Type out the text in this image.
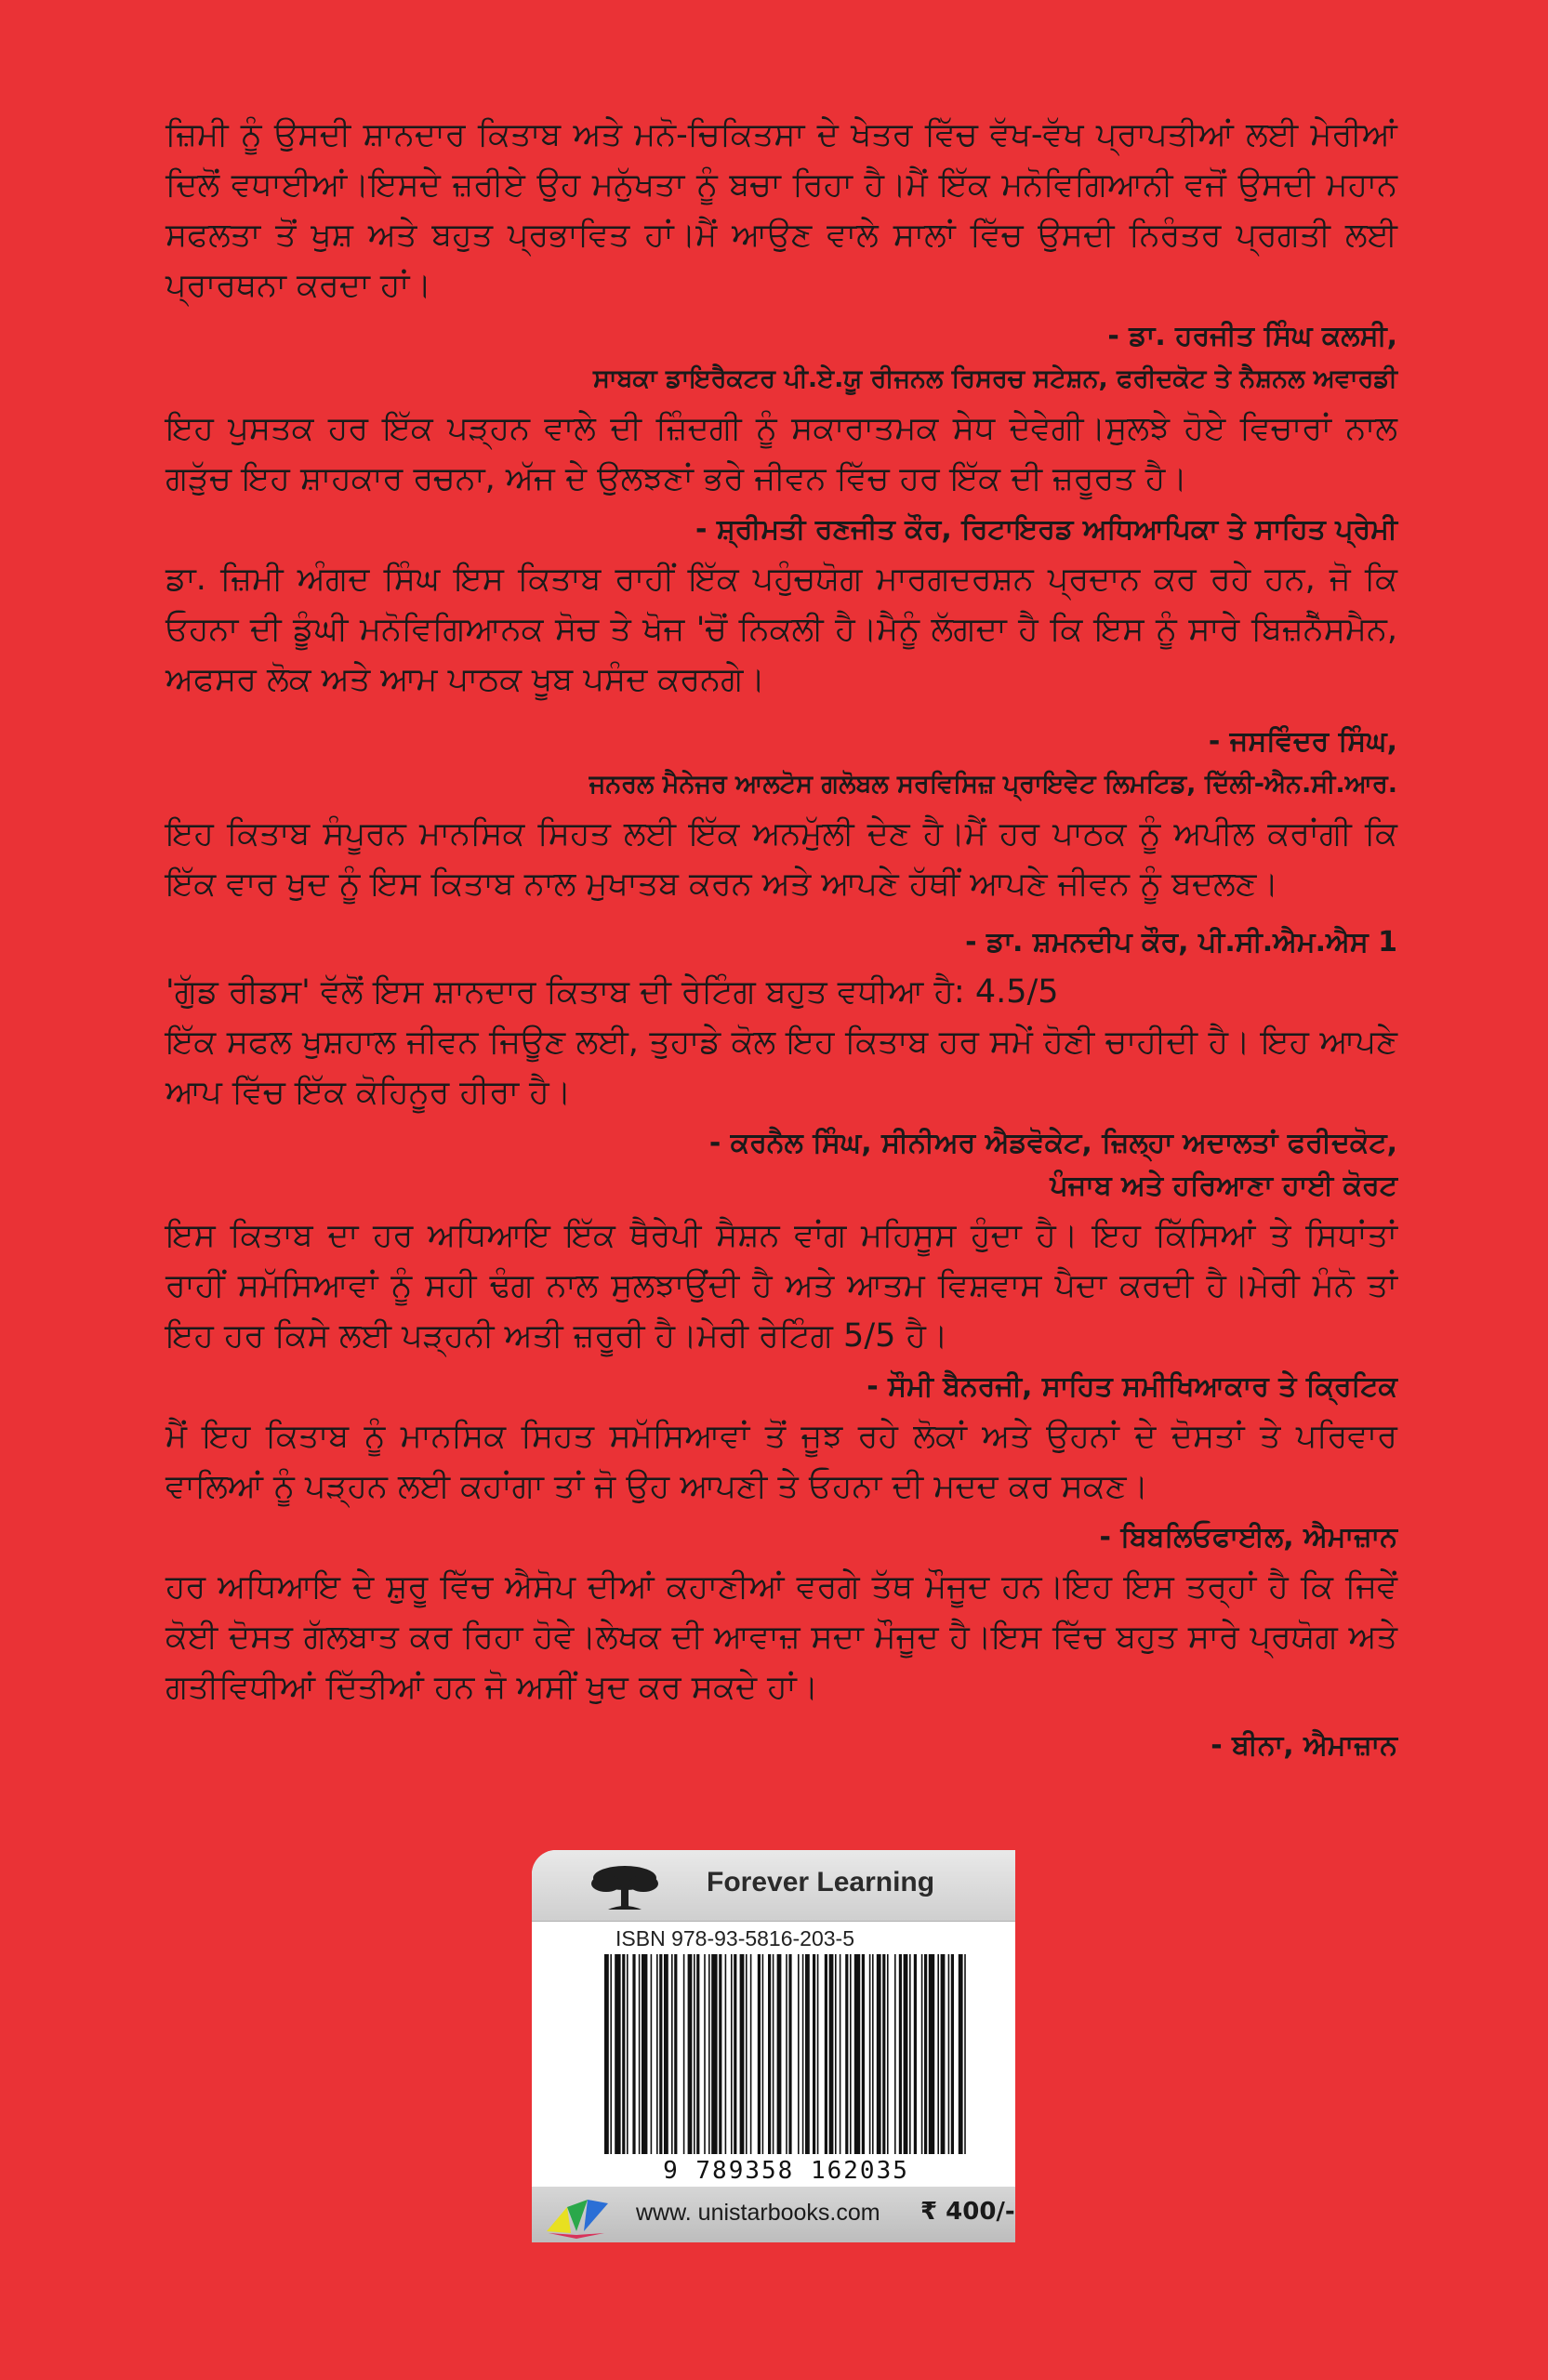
ਜ਼ਿਮੀ ਨੂੰ ਉਸਦੀ ਸ਼ਾਨਦਾਰ ਕਿਤਾਬ ਅਤੇ ਮਨੋ-ਚਿਕਿਤਸਾ ਦੇ ਖੇਤਰ ਵਿੱਚ ਵੱਖ-ਵੱਖ ਪ੍ਰਾਪਤੀਆਂ ਲਈ ਮੇਰੀਆਂ ਦਿਲੋਂ ਵਧਾਈਆਂ।ਇਸਦੇ ਜ਼ਰੀਏ ਉਹ ਮਨੁੱਖਤਾ ਨੂੰ ਬਚਾ ਰਿਹਾ ਹੈ।ਮੈਂ ਇੱਕ ਮਨੋਵਿਗਿਆਨੀ ਵਜੋਂ ਉਸਦੀ ਮਹਾਨ ਸਫਲਤਾ ਤੋਂ ਖੁਸ਼ ਅਤੇ ਬਹੁਤ ਪ੍ਰਭਾਵਿਤ ਹਾਂ।ਮੈਂ ਆਉਣ ਵਾਲੇ ਸਾਲਾਂ ਵਿੱਚ ਉਸਦੀ ਨਿਰੰਤਰ ਪ੍ਰਗਤੀ ਲਈ ਪ੍ਰਾਰਥਨਾ ਕਰਦਾ ਹਾਂ।

- ਡਾ. ਹਰਜੀਤ ਸਿੰਘ ਕਲਸੀ,
ਸਾਬਕਾ ਡਾਇਰੈਕਟਰ ਪੀ.ਏ.ਯੂ ਰੀਜਨਲ ਰਿਸਰਚ ਸਟੇਸ਼ਨ, ਫਰੀਦਕੋਟ ਤੇ ਨੈਸ਼ਨਲ ਅਵਾਰਡੀ

ਇਹ ਪੁਸਤਕ ਹਰ ਇੱਕ ਪੜ੍ਹਨ ਵਾਲੇ ਦੀ ਜ਼ਿੰਦਗੀ ਨੂੰ ਸਕਾਰਾਤਮਕ ਸੇਧ ਦੇਵੇਗੀ।ਸੁਲਝੇ ਹੋਏ ਵਿਚਾਰਾਂ ਨਾਲ ਗੜੁੱਚ ਇਹ ਸ਼ਾਹਕਾਰ ਰਚਨਾ, ਅੱਜ ਦੇ ਉਲਝਣਾਂ ਭਰੇ ਜੀਵਨ ਵਿੱਚ ਹਰ ਇੱਕ ਦੀ ਜ਼ਰੂਰਤ ਹੈ।

- ਸ਼੍ਰੀਮਤੀ ਰਣਜੀਤ ਕੌਰ, ਰਿਟਾਇਰਡ ਅਧਿਆਪਿਕਾ ਤੇ ਸਾਹਿਤ ਪ੍ਰੇਮੀ

ਡਾ. ਜ਼ਿਮੀ ਅੰਗਦ ਸਿੰਘ ਇਸ ਕਿਤਾਬ ਰਾਹੀਂ ਇੱਕ ਪਹੁੰਚਯੋਗ ਮਾਰਗਦਰਸ਼ਨ ਪ੍ਰਦਾਨ ਕਰ ਰਹੇ ਹਨ, ਜੋ ਕਿ ਓਹਨਾ ਦੀ ਡੂੰਘੀ ਮਨੋਵਿਗਿਆਨਕ ਸੋਚ ਤੇ ਖੋਜ 'ਚੋਂ ਨਿਕਲੀ ਹੈ।ਮੈਨੂੰ ਲੱਗਦਾ ਹੈ ਕਿ ਇਸ ਨੂੰ ਸਾਰੇ ਬਿਜ਼ਨੈੱਸਮੈਨ, ਅਫਸਰ ਲੋਕ ਅਤੇ ਆਮ ਪਾਠਕ ਖੂਬ ਪਸੰਦ ਕਰਨਗੇ।

- ਜਸਵਿੰਦਰ ਸਿੰਘ,
ਜਨਰਲ ਮੈਨੇਜਰ ਆਲਟੋਸ ਗਲੋਬਲ ਸਰਵਿਸਿਜ਼ ਪ੍ਰਾਇਵੇਟ ਲਿਮਟਿਡ, ਦਿੱਲੀ-ਐਨ.ਸੀ.ਆਰ.

ਇਹ ਕਿਤਾਬ ਸੰਪੂਰਨ ਮਾਨਸਿਕ ਸਿਹਤ ਲਈ ਇੱਕ ਅਨਮੁੱਲੀ ਦੇਣ ਹੈ।ਮੈਂ ਹਰ ਪਾਠਕ ਨੂੰ ਅਪੀਲ ਕਰਾਂਗੀ ਕਿ ਇੱਕ ਵਾਰ ਖੁਦ ਨੂੰ ਇਸ ਕਿਤਾਬ ਨਾਲ ਮੁਖਾਤਬ ਕਰਨ ਅਤੇ ਆਪਣੇ ਹੱਥੀਂ ਆਪਣੇ ਜੀਵਨ ਨੂੰ ਬਦਲਣ।

- ਡਾ. ਸ਼ਮਨਦੀਪ ਕੌਰ, ਪੀ.ਸੀ.ਐਮ.ਐਸ 1

'ਗੁੱਡ ਰੀਡਸ' ਵੱਲੋਂ ਇਸ ਸ਼ਾਨਦਾਰ ਕਿਤਾਬ ਦੀ ਰੇਟਿੰਗ ਬਹੁਤ ਵਧੀਆ ਹੈ: 4.5/5

ਇੱਕ ਸਫਲ ਖੁਸ਼ਹਾਲ ਜੀਵਨ ਜਿਊਣ ਲਈ, ਤੁਹਾਡੇ ਕੋਲ ਇਹ ਕਿਤਾਬ ਹਰ ਸਮੇਂ ਹੋਣੀ ਚਾਹੀਦੀ ਹੈ। ਇਹ ਆਪਣੇ ਆਪ ਵਿੱਚ ਇੱਕ ਕੋਹਿਨੂਰ ਹੀਰਾ ਹੈ।

- ਕਰਨੈਲ ਸਿੰਘ, ਸੀਨੀਅਰ ਐਡਵੋਕੇਟ, ਜ਼ਿਲ੍ਹਾ ਅਦਾਲਤਾਂ ਫਰੀਦਕੋਟ,
ਪੰਜਾਬ ਅਤੇ ਹਰਿਆਣਾ ਹਾਈ ਕੋਰਟ

ਇਸ ਕਿਤਾਬ ਦਾ ਹਰ ਅਧਿਆਇ ਇੱਕ ਥੈਰੇਪੀ ਸੈਸ਼ਨ ਵਾਂਗ ਮਹਿਸੂਸ ਹੁੰਦਾ ਹੈ। ਇਹ ਕਿੱਸਿਆਂ ਤੇ ਸਿਧਾਂਤਾਂ ਰਾਹੀਂ ਸਮੱਸਿਆਵਾਂ ਨੂੰ ਸਹੀ ਢੰਗ ਨਾਲ ਸੁਲਝਾਉਂਦੀ ਹੈ ਅਤੇ ਆਤਮ ਵਿਸ਼ਵਾਸ ਪੈਦਾ ਕਰਦੀ ਹੈ।ਮੇਰੀ ਮੰਨੋ ਤਾਂ ਇਹ ਹਰ ਕਿਸੇ ਲਈ ਪੜ੍ਹਨੀ ਅਤੀ ਜ਼ਰੂਰੀ ਹੈ।ਮੇਰੀ ਰੇਟਿੰਗ 5/5 ਹੈ।

- ਸੌਮੀ ਬੈਨਰਜੀ, ਸਾਹਿਤ ਸਮੀਖਿਆਕਾਰ ਤੇ ਕ੍ਰਿਟਿਕ

ਮੈਂ ਇਹ ਕਿਤਾਬ ਨੂੰ ਮਾਨਸਿਕ ਸਿਹਤ ਸਮੱਸਿਆਵਾਂ ਤੋਂ ਜੂਝ ਰਹੇ ਲੋਕਾਂ ਅਤੇ ਉਹਨਾਂ ਦੇ ਦੋਸਤਾਂ ਤੇ ਪਰਿਵਾਰ ਵਾਲਿਆਂ ਨੂੰ ਪੜ੍ਹਨ ਲਈ ਕਹਾਂਗਾ ਤਾਂ ਜੋ ਉਹ ਆਪਣੀ ਤੇ ਓਹਨਾ ਦੀ ਮਦਦ ਕਰ ਸਕਣ।

- ਬਿਬਲਿਓਫਾਈਲ, ਐਮਾਜ਼ਾਨ

ਹਰ ਅਧਿਆਇ ਦੇ ਸ਼ੁਰੂ ਵਿੱਚ ਐਸੋਪ ਦੀਆਂ ਕਹਾਣੀਆਂ ਵਰਗੇ ਤੱਥ ਮੌਜੂਦ ਹਨ।ਇਹ ਇਸ ਤਰ੍ਹਾਂ ਹੈ ਕਿ ਜਿਵੇਂ ਕੋਈ ਦੋਸਤ ਗੱਲਬਾਤ ਕਰ ਰਿਹਾ ਹੋਵੇ।ਲੇਖਕ ਦੀ ਆਵਾਜ਼ ਸਦਾ ਮੌਜੂਦ ਹੈ।ਇਸ ਵਿੱਚ ਬਹੁਤ ਸਾਰੇ ਪ੍ਰਯੋਗ ਅਤੇ ਗਤੀਵਿਧੀਆਂ ਦਿੱਤੀਆਂ ਹਨ ਜੋ ਅਸੀਂ ਖੁਦ ਕਰ ਸਕਦੇ ਹਾਂ।

- ਬੀਨਾ, ਐਮਾਜ਼ਾਨ
Forever Learning
ISBN 978-93-5816-203-5
9 789358 162035
www. unistarbooks.com ₹ 400/-
